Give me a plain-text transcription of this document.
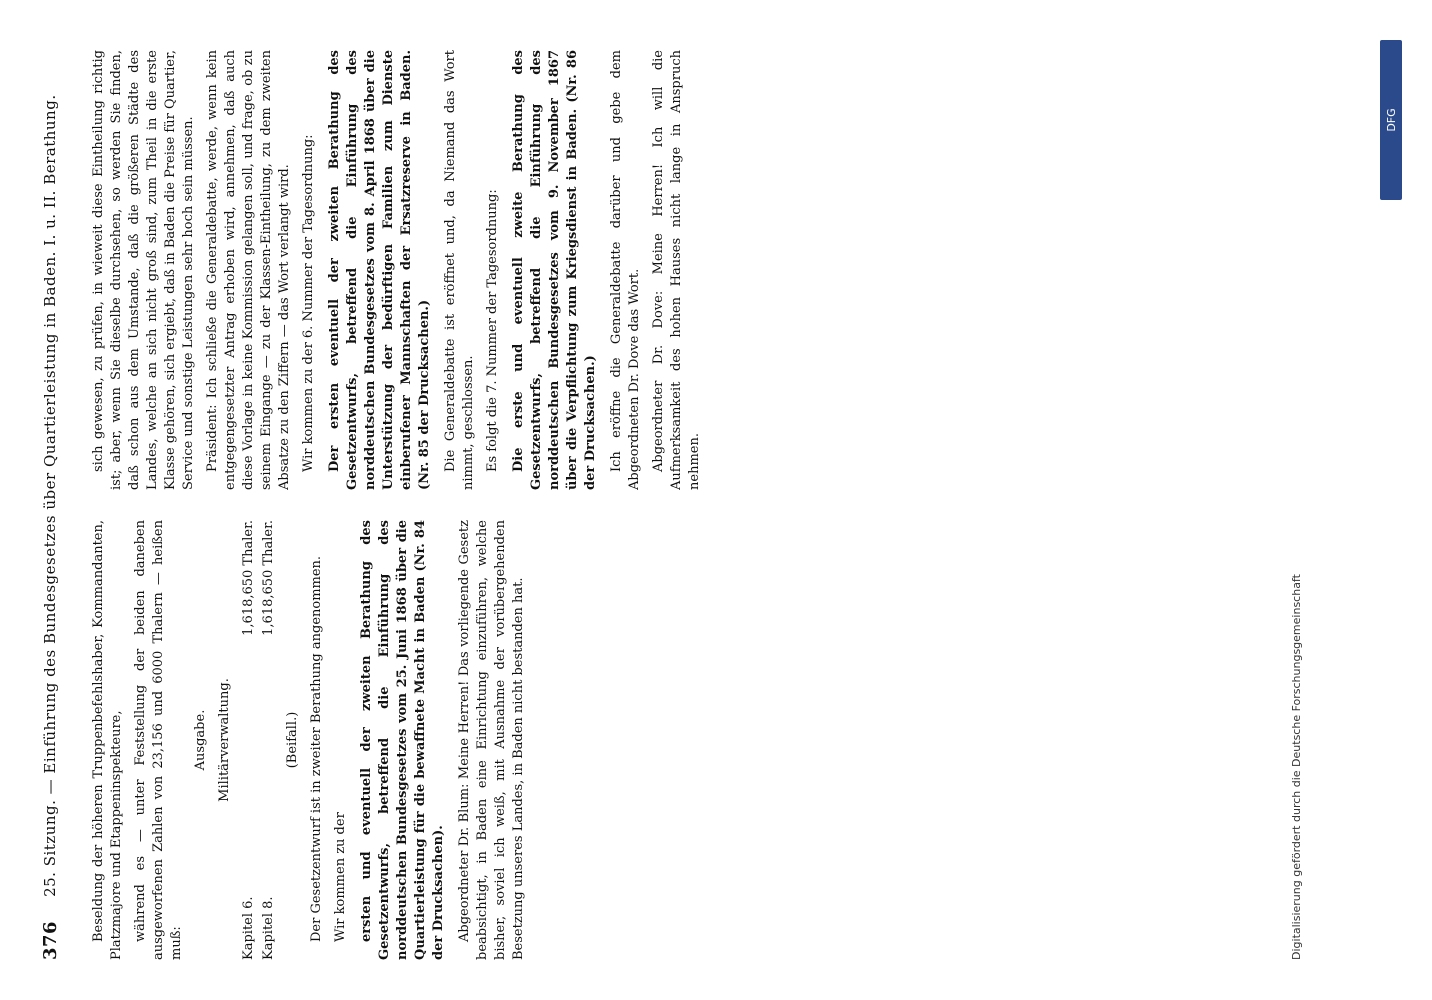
376
25. Sitzung. — Einführung des Bundesgesetzes über Quartierleistung in Baden. I. u. II. Berathung. Beseldung der höheren Truppenbefehlshaber, Kommandanten, Platzmajore und Etappeninspekteure, während es — unter Feststellung der beiden daneben ausgeworfenen Zahlen von 23,156 und 6000 Thalern — heißen muß:

Ausgabe. Militärverwaltung.
Kapitel 6.
1,618,650 Thaler.
Kapitel 8.
1,618,650 Thaler.
(Beifall.) Der Gesetzentwurf ist in zweiter Berathung angenommen. Wir kommen zu der ersten und eventuell der zweiten Berathung des Gesetzentwurfs, betreffend die Einführung des norddeutschen Bundesgesetzes vom 25. Juni 1868 über die Quartierleistung für die bewaffnete Macht in Baden (Nr. 84 der Drucksachen). Abgeordneter Dr. Blum: Meine Herren! Das vorliegende Gesetz beabsichtigt, in Baden eine Einrichtung einzuführen, welche bisher, soviel ich weiß, mit Ausnahme der vorübergehenden Besetzung unseres Landes, in Baden nicht bestanden hat.

sich gewesen, zu prüfen, in wieweit diese Eintheilung richtig ist; aber, wenn Sie dieselbe durchsehen, so werden Sie finden, daß schon aus dem Umstande, daß die größeren Städte des Landes, welche an sich nicht groß sind, zum Theil in die erste Klasse gehören, sich ergiebt, daß in Baden die Preise für Quartier, Service und sonstige Leistungen sehr hoch sein müssen. Präsident: Ich schließe die Generaldebatte, werde, wenn kein entgegengesetzter Antrag erhoben wird, annehmen, daß auch diese Vorlage in keine Kommission gelangen soll, und frage, ob zu seinem Eingange — zu der Klassen-Eintheilung, zu dem zweiten Absatze zu den Ziffern — das Wort verlangt wird. Wir kommen zu der 6. Nummer der Tagesordnung: Der ersten eventuell der zweiten Berathung des Gesetzentwurfs, betreffend die Einführung des norddeutschen Bundesgesetzes vom 8. April 1868 über die Unterstützung der bedürftigen Familien zum Dienste einberufener Mannschaften der Ersatzreserve in Baden. (Nr. 85 der Drucksachen.) Die Generaldebatte ist eröffnet und, da Niemand das Wort nimmt, geschlossen. Es folgt die 7. Nummer der Tagesordnung: Die erste und eventuell zweite Berathung des Gesetzentwurfs, betreffend die Einführung des norddeutschen Bundesgesetzes vom 9. November 1867 über die Verpflichtung zum Kriegsdienst in Baden. (Nr. 86 der Drucksachen.) Ich eröffne die Generaldebatte darüber und gebe dem Abgeordneten Dr. Dove das Wort. Abgeordneter Dr. Dove: Meine Herren! Ich will die Aufmerksamkeit des hohen Hauses nicht lange in Anspruch nehmen.

Digitalisierung gefördert durch die Deutsche Forschungsgemeinschaft
DFG
